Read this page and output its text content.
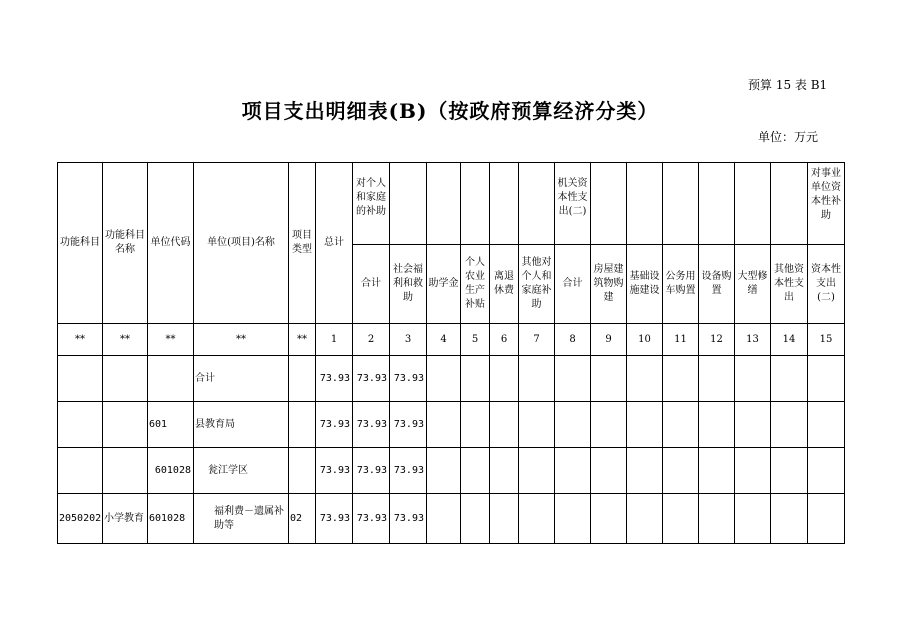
预算 15 表 B1
项目支出明细表(B)（按政府预算经济分类）
单位：万元
功能科目	功能科目名称	单位代码	单位(项目)名称	项目类型	总计	对个人和家庭的补助						机关资本性支出(二)							对事业单位资本性补助
						合计	社会福利和救助	助学金	个人农业生产补贴	离退休费	其他对个人和家庭补助	合计	房屋建筑物购建	基础设施建设	公务用车购置	设备购置	大型修缮	其他资本性支出	资本性支出(二)
**	**	**	**	**	1	2	3	4	5	6	7	8	9	10	11	12	13	14	15
			合计		73.93	73.93	73.93												
		601	县教育局		73.93	73.93	73.93												
		601028	瓮江学区		73.93	73.93	73.93												
2050202	小学教育	601028	福利费－遗属补助等	02	73.93	73.93	73.93												
